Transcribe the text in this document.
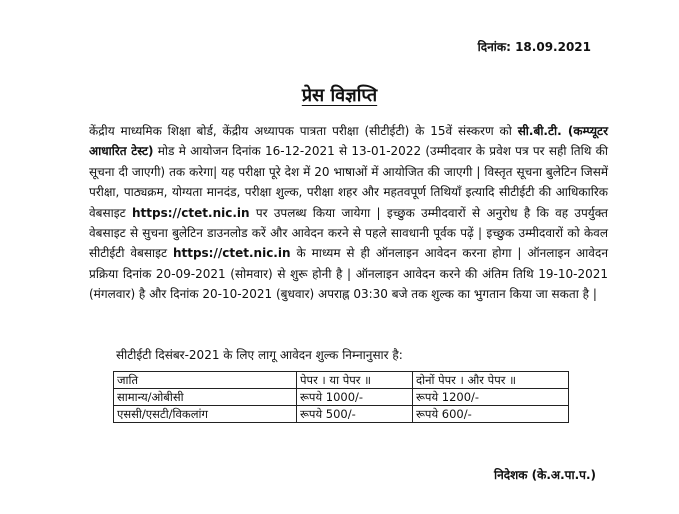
दिनांक: 18.09.2021
प्रेस विज्ञप्ति

केंद्रीय माध्यमिक शिक्षा बोर्ड, केंद्रीय अध्यापक पात्रता परीक्षा (सीटीईटी) के 15वें संस्करण को सी.बी.टी. (कम्प्यूटर आधारित टेस्ट) मोड मे आयोजन दिनांक 16-12-2021 से 13-01-2022 (उम्मीदवार के प्रवेश पत्र पर सही तिथि की सूचना दी जाएगी) तक करेगा| यह परीक्षा पूरे देश में 20 भाषाओं में आयोजित की जाएगी | विस्तृत सूचना बुलेटिन जिसमें परीक्षा, पाठ्यक्रम, योग्यता मानदंड, परीक्षा शुल्क, परीक्षा शहर और महतवपूर्ण तिथियाँ इत्यादि सीटीईटी की आधिकारिक वेबसाइट https://ctet.nic.in पर उपलब्ध किया जायेगा | इच्छुक उम्मीदवारों से अनुरोध है कि वह उपर्युक्त वेबसाइट से सुचना बुलेटिन डाउनलोड करें और आवेदन करने से पहले सावधानी पूर्वक पढ़ें | इच्छुक उम्मीदवारों को केवल सीटीईटी वेबसाइट https://ctet.nic.in के माध्यम से ही ऑनलाइन आवेदन करना होगा | ऑनलाइन आवेदन प्रक्रिया दिनांक 20-09-2021 (सोमवार) से शुरू होनी है | ऑनलाइन आवेदन करने की अंतिम तिथि 19-10-2021 (मंगलवार) है और दिनांक 20-10-2021 (बुधवार) अपराह्न 03:30 बजे तक शुल्क का भुगतान किया जा सकता है |

सीटीईटी दिसंबर-2021 के लिए लागू आवेदन शुल्क निम्नानुसार है:
जाति	पेपर । या पेपर ॥	दोनों पेपर । और पेपर ॥
सामान्य/ओबीसी	रूपये 1000/-	रूपये 1200/-
एससी/एसटी/विकलांग	रूपये 500/-	रूपये 600/-
निदेशक (के.अ.पा.प.)
